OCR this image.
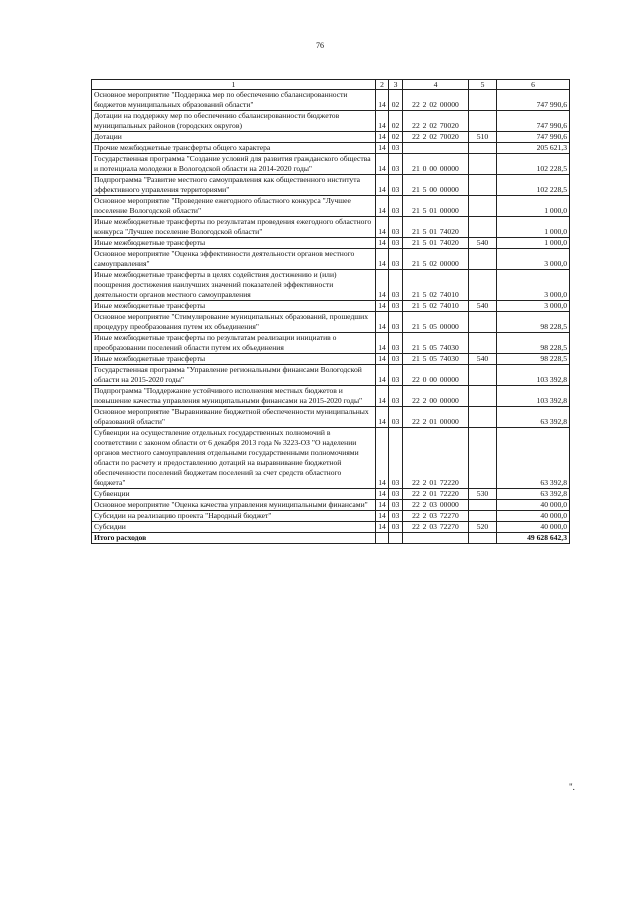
76
1	2	3	4	5	6
Основное мероприятие "Поддержка мер по обеспечению сбалансированности бюджетов муниципальных образований области"	14	02	22 2 02 00000		747 990,6
Дотации на поддержку мер по обеспечению сбалансированности бюджетов муниципальных районов (городских округов)	14	02	22 2 02 70020		747 990,6
Дотации	14	02	22 2 02 70020	510	747 990,6
Прочие межбюджетные трансферты общего характера	14	03			205 621,3
Государственная программа "Создание условий для развития гражданского общества и потенциала молодежи в Вологодской области на 2014-2020 годы"	14	03	21 0 00 00000		102 228,5
Подпрограмма "Развитие местного самоуправления как общественного института эффективного управления территориями"	14	03	21 5 00 00000		102 228,5
Основное мероприятие "Проведение ежегодного областного конкурса "Лучшее поселение Вологодской области"	14	03	21 5 01 00000		1 000,0
Иные межбюджетные трансферты по результатам проведения ежегодного областного конкурса "Лучшее поселение Вологодской области"	14	03	21 5 01 74020		1 000,0
Иные межбюджетные трансферты	14	03	21 5 01 74020	540	1 000,0
Основное мероприятие "Оценка эффективности деятельности органов местного самоуправления"	14	03	21 5 02 00000		3 000,0
Иные межбюджетные трансферты в целях содействия достижению и (или) поощрения достижения наилучших значений показателей эффективности деятельности органов местного самоуправления	14	03	21 5 02 74010		3 000,0
Иные межбюджетные трансферты	14	03	21 5 02 74010	540	3 000,0
Основное мероприятие "Стимулирование муниципальных образований, прошедших процедуру преобразования путем их объединения"	14	03	21 5 05 00000		98 228,5
Иные межбюджетные трансферты по результатам реализации инициатив о преобразовании поселений области путем их объединения	14	03	21 5 05 74030		98 228,5
Иные межбюджетные трансферты	14	03	21 5 05 74030	540	98 228,5
Государственная программа "Управление региональными финансами Вологодской области на 2015-2020 годы"	14	03	22 0 00 00000		103 392,8
Подпрограмма "Поддержание устойчивого исполнения местных бюджетов и повышение качества управления муниципальными финансами на 2015-2020 годы"	14	03	22 2 00 00000		103 392,8
Основное мероприятие "Выравнивание бюджетной обеспеченности муниципальных образований области"	14	03	22 2 01 00000		63 392,8
Субвенции на осуществление отдельных государственных полномочий в соответствии с законом области от 6 декабря 2013 года № 3223-ОЗ "О наделении органов местного самоуправления отдельными государственными полномочиями области по расчету и предоставлению дотаций на выравнивание бюджетной обеспеченности поселений бюджетам поселений за счет средств областного бюджета"	14	03	22 2 01 72220		63 392,8
Субвенции	14	03	22 2 01 72220	530	63 392,8
Основное мероприятие "Оценка качества управления муниципальными финансами"	14	03	22 2 03 00000		40 000,0
Субсидии на реализацию проекта "Народный бюджет"	14	03	22 2 03 72270		40 000,0
Субсидии	14	03	22 2 03 72270	520	40 000,0
Итого расходов					49 628 642,3
".
